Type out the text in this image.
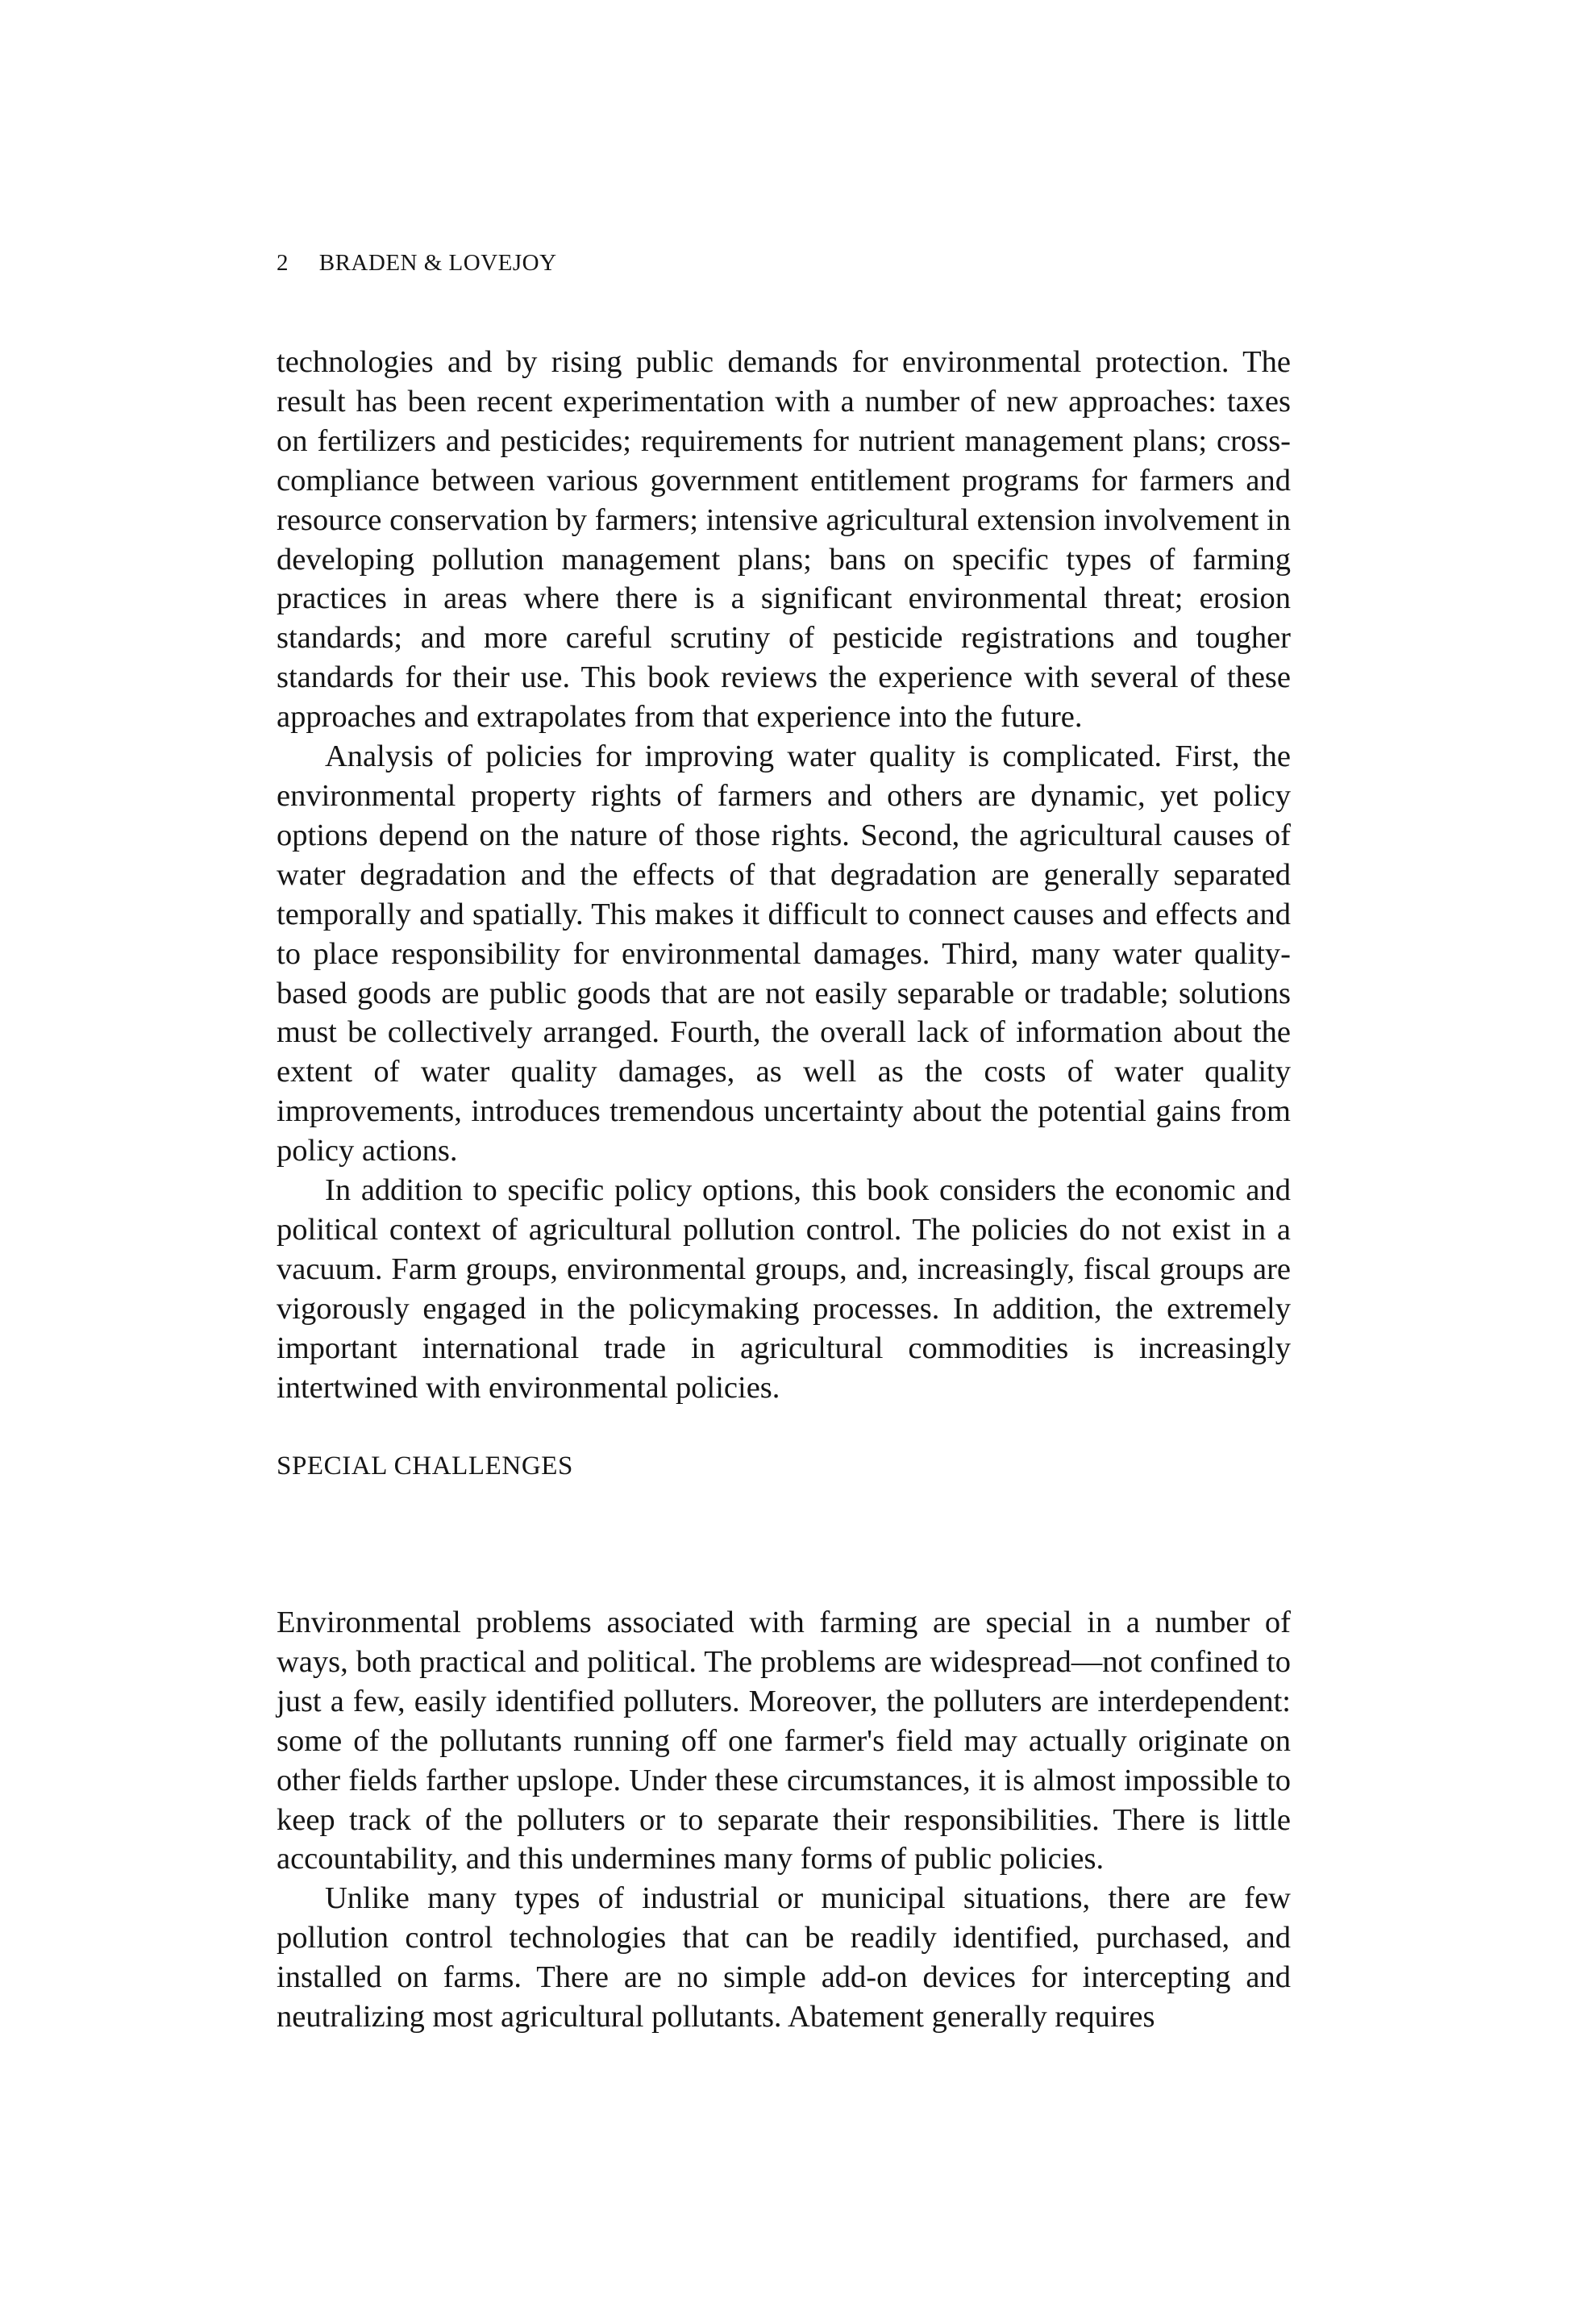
2 BRADEN & LOVEJOY

technologies and by rising public demands for environmental protection. The result has been recent experimentation with a number of new approaches: taxes on fertilizers and pesticides; requirements for nutrient management plans; cross-compliance between various government entitlement programs for farmers and resource conservation by farmers; intensive agricultural extension involvement in developing pollution management plans; bans on specific types of farming practices in areas where there is a significant environmental threat; erosion standards; and more careful scrutiny of pesticide registrations and tougher standards for their use. This book reviews the experience with several of these approaches and extrapolates from that experience into the future.

Analysis of policies for improving water quality is complicated. First, the environmental property rights of farmers and others are dynamic, yet policy options depend on the nature of those rights. Second, the agricultural causes of water degradation and the effects of that degradation are generally separated temporally and spatially. This makes it difficult to connect causes and effects and to place responsibility for environmental damages. Third, many water quality-based goods are public goods that are not easily separable or tradable; solutions must be collectively arranged. Fourth, the overall lack of information about the extent of water quality damages, as well as the costs of water quality improvements, introduces tremendous uncertainty about the potential gains from policy actions.

In addition to specific policy options, this book considers the economic and political context of agricultural pollution control. The policies do not exist in a vacuum. Farm groups, environmental groups, and, increasingly, fiscal groups are vigorously engaged in the policymaking processes. In addition, the extremely important international trade in agricultural commodities is increasingly intertwined with environmental policies.

SPECIAL CHALLENGES

Environmental problems associated with farming are special in a number of ways, both practical and political. The problems are widespread—not confined to just a few, easily identified polluters. Moreover, the polluters are interdependent: some of the pollutants running off one farmer's field may actually originate on other fields farther upslope. Under these circumstances, it is almost impossible to keep track of the polluters or to separate their responsibilities. There is little accountability, and this undermines many forms of public policies.

Unlike many types of industrial or municipal situations, there are few pollution control technologies that can be readily identified, purchased, and installed on farms. There are no simple add-on devices for intercepting and neutralizing most agricultural pollutants. Abatement generally requires
